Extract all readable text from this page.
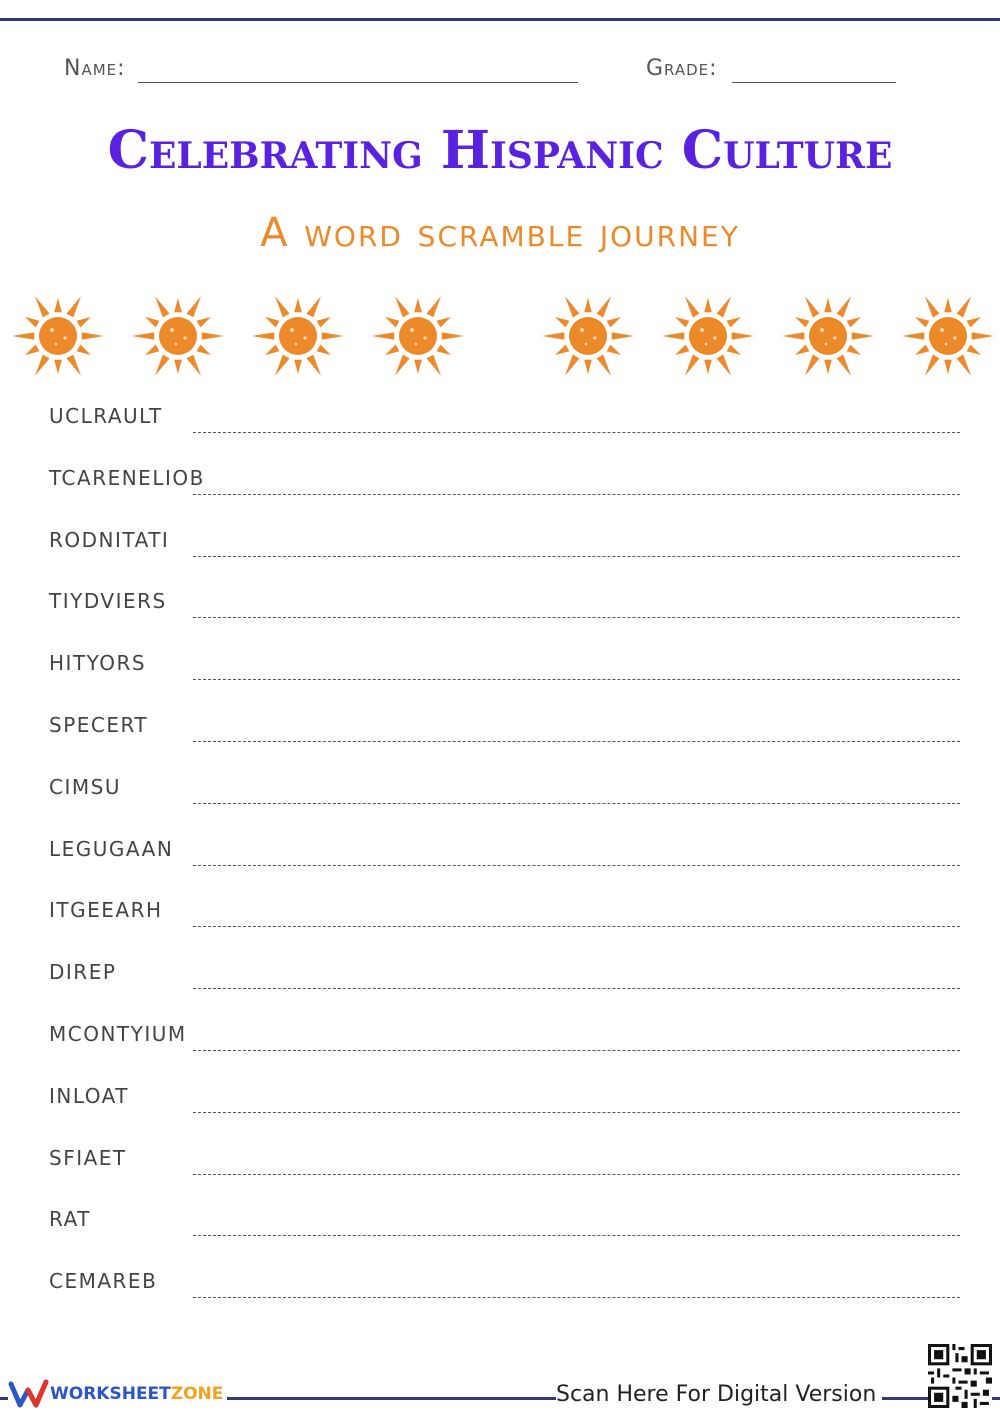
Name:	Grade:
Celebrating Hispanic Culture
A word scramble journey
UCLRAULT
TCARENELIOB
RODNITATI
TIYDVIERS
HITYORS
SPECERT
CIMSU
LEGUGAAN
ITGEEARH
DIREP
MCONTYIUM
INLOAT
SFIAET
RAT
CEMAREB
WORKSHEETZONE	Scan Here For Digital Version
